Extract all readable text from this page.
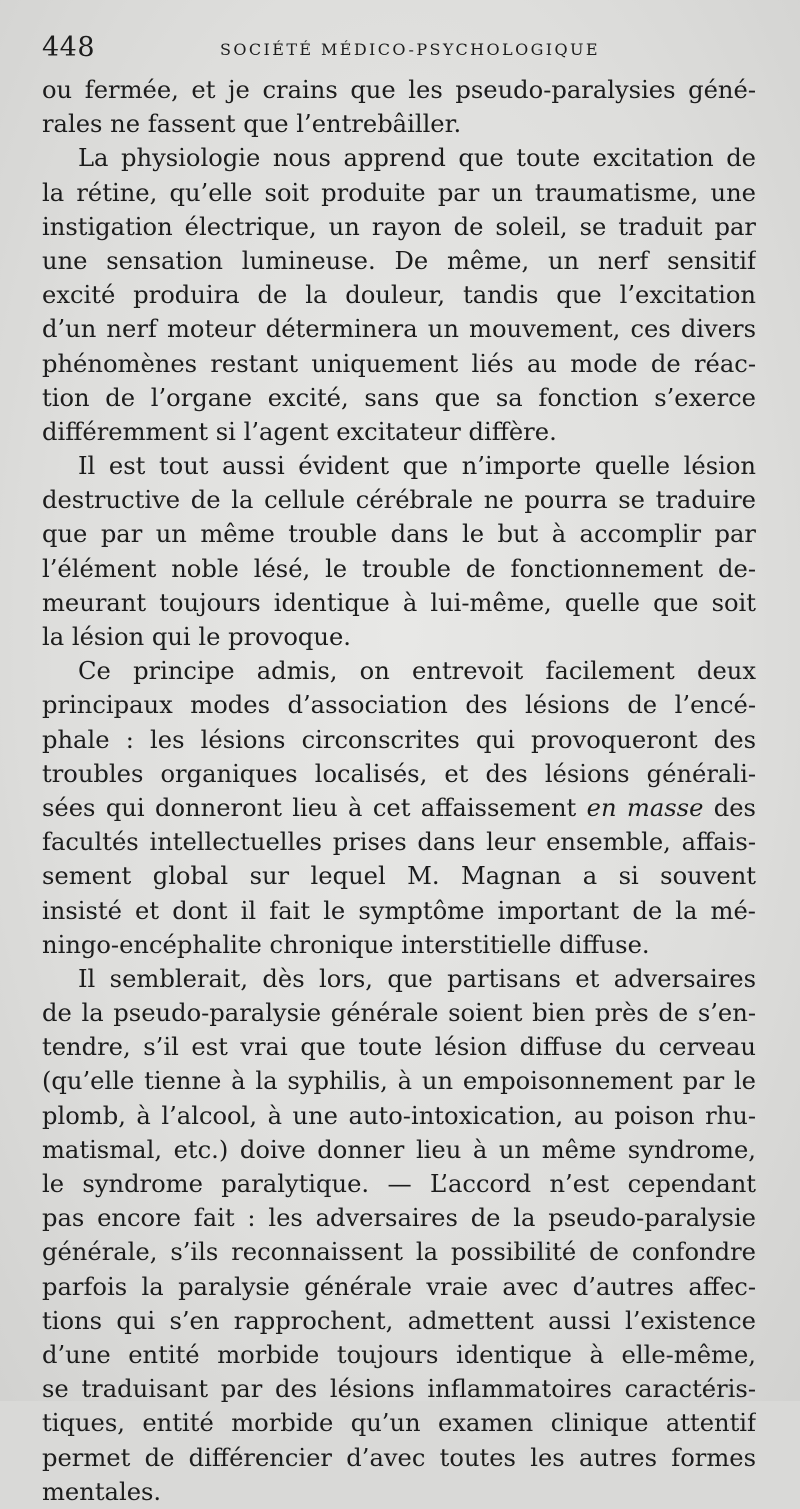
448	SOCIÉTÉ MÉDICO-PSYCHOLOGIQUE
ou fermée, et je crains que les pseudo-paralysies géné-
rales ne fassent que l’entrebâiller.
La physiologie nous apprend que toute excitation de
la rétine, qu’elle soit produite par un traumatisme, une
instigation électrique, un rayon de soleil, se traduit par
une sensation lumineuse. De même, un nerf sensitif
excité produira de la douleur, tandis que l’excitation
d’un nerf moteur déterminera un mouvement, ces divers
phénomènes restant uniquement liés au mode de réac-
tion de l’organe excité, sans que sa fonction s’exerce
différemment si l’agent excitateur diffère.
Il est tout aussi évident que n’importe quelle lésion
destructive de la cellule cérébrale ne pourra se traduire
que par un même trouble dans le but à accomplir par
l’élément noble lésé, le trouble de fonctionnement de-
meurant toujours identique à lui-même, quelle que soit
la lésion qui le provoque.
Ce principe admis, on entrevoit facilement deux
principaux modes d’association des lésions de l’encé-
phale : les lésions circonscrites qui provoqueront des
troubles organiques localisés, et des lésions générali-
sées qui donneront lieu à cet affaissement en masse des
facultés intellectuelles prises dans leur ensemble, affais-
sement global sur lequel M. Magnan a si souvent
insisté et dont il fait le symptôme important de la mé-
ningo-encéphalite chronique interstitielle diffuse.
Il semblerait, dès lors, que partisans et adversaires
de la pseudo-paralysie générale soient bien près de s’en-
tendre, s’il est vrai que toute lésion diffuse du cerveau
(qu’elle tienne à la syphilis, à un empoisonnement par le
plomb, à l’alcool, à une auto-intoxication, au poison rhu-
matismal, etc.) doive donner lieu à un même syndrome,
le syndrome paralytique. — L’accord n’est cependant
pas encore fait : les adversaires de la pseudo-paralysie
générale, s’ils reconnaissent la possibilité de confondre
parfois la paralysie générale vraie avec d’autres affec-
tions qui s’en rapprochent, admettent aussi l’existence
d’une entité morbide toujours identique à elle-même,
se traduisant par des lésions inflammatoires caractéris-
tiques, entité morbide qu’un examen clinique attentif
permet de différencier d’avec toutes les autres formes
mentales.
